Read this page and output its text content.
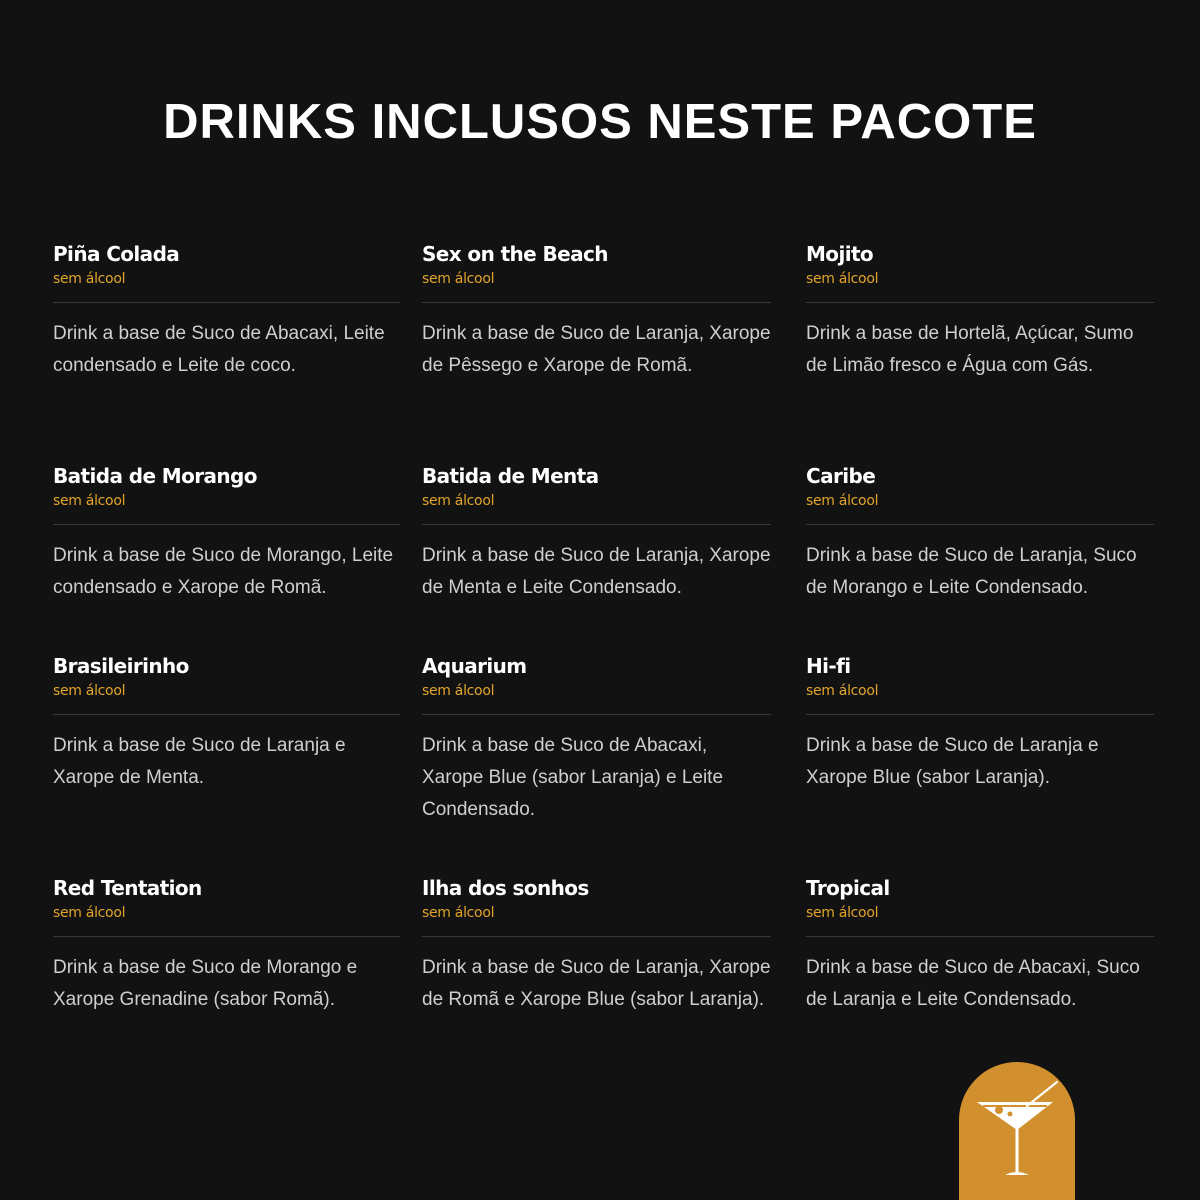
DRINKS INCLUSOS NESTE PACOTE
Piña Colada
sem álcool
Drink a base de Suco de Abacaxi, Leite condensado e Leite de coco.
Sex on the Beach
sem álcool
Drink a base de Suco de Laranja, Xarope de Pêssego e Xarope de Romã.
Mojito
sem álcool
Drink a base de Hortelã, Açúcar, Sumo de Limão fresco e Água com Gás.
Batida de Morango
sem álcool
Drink a base de Suco de Morango, Leite condensado e Xarope de Romã.
Batida de Menta
sem álcool
Drink a base de Suco de Laranja, Xarope de Menta e Leite Condensado.
Caribe
sem álcool
Drink a base de Suco de Laranja, Suco de Morango e Leite Condensado.
Brasileirinho
sem álcool
Drink a base de Suco de Laranja e Xarope de Menta.
Aquarium
sem álcool
Drink a base de Suco de Abacaxi, Xarope Blue (sabor Laranja) e Leite Condensado.
Hi-fi
sem álcool
Drink a base de Suco de Laranja e Xarope Blue (sabor Laranja).
Red Tentation
sem álcool
Drink a base de Suco de Morango e Xarope Grenadine (sabor Romã).
Ilha dos sonhos
sem álcool
Drink a base de Suco de Laranja, Xarope de Romã e Xarope Blue (sabor Laranja).
Tropical
sem álcool
Drink a base de Suco de Abacaxi, Suco de Laranja e Leite Condensado.
